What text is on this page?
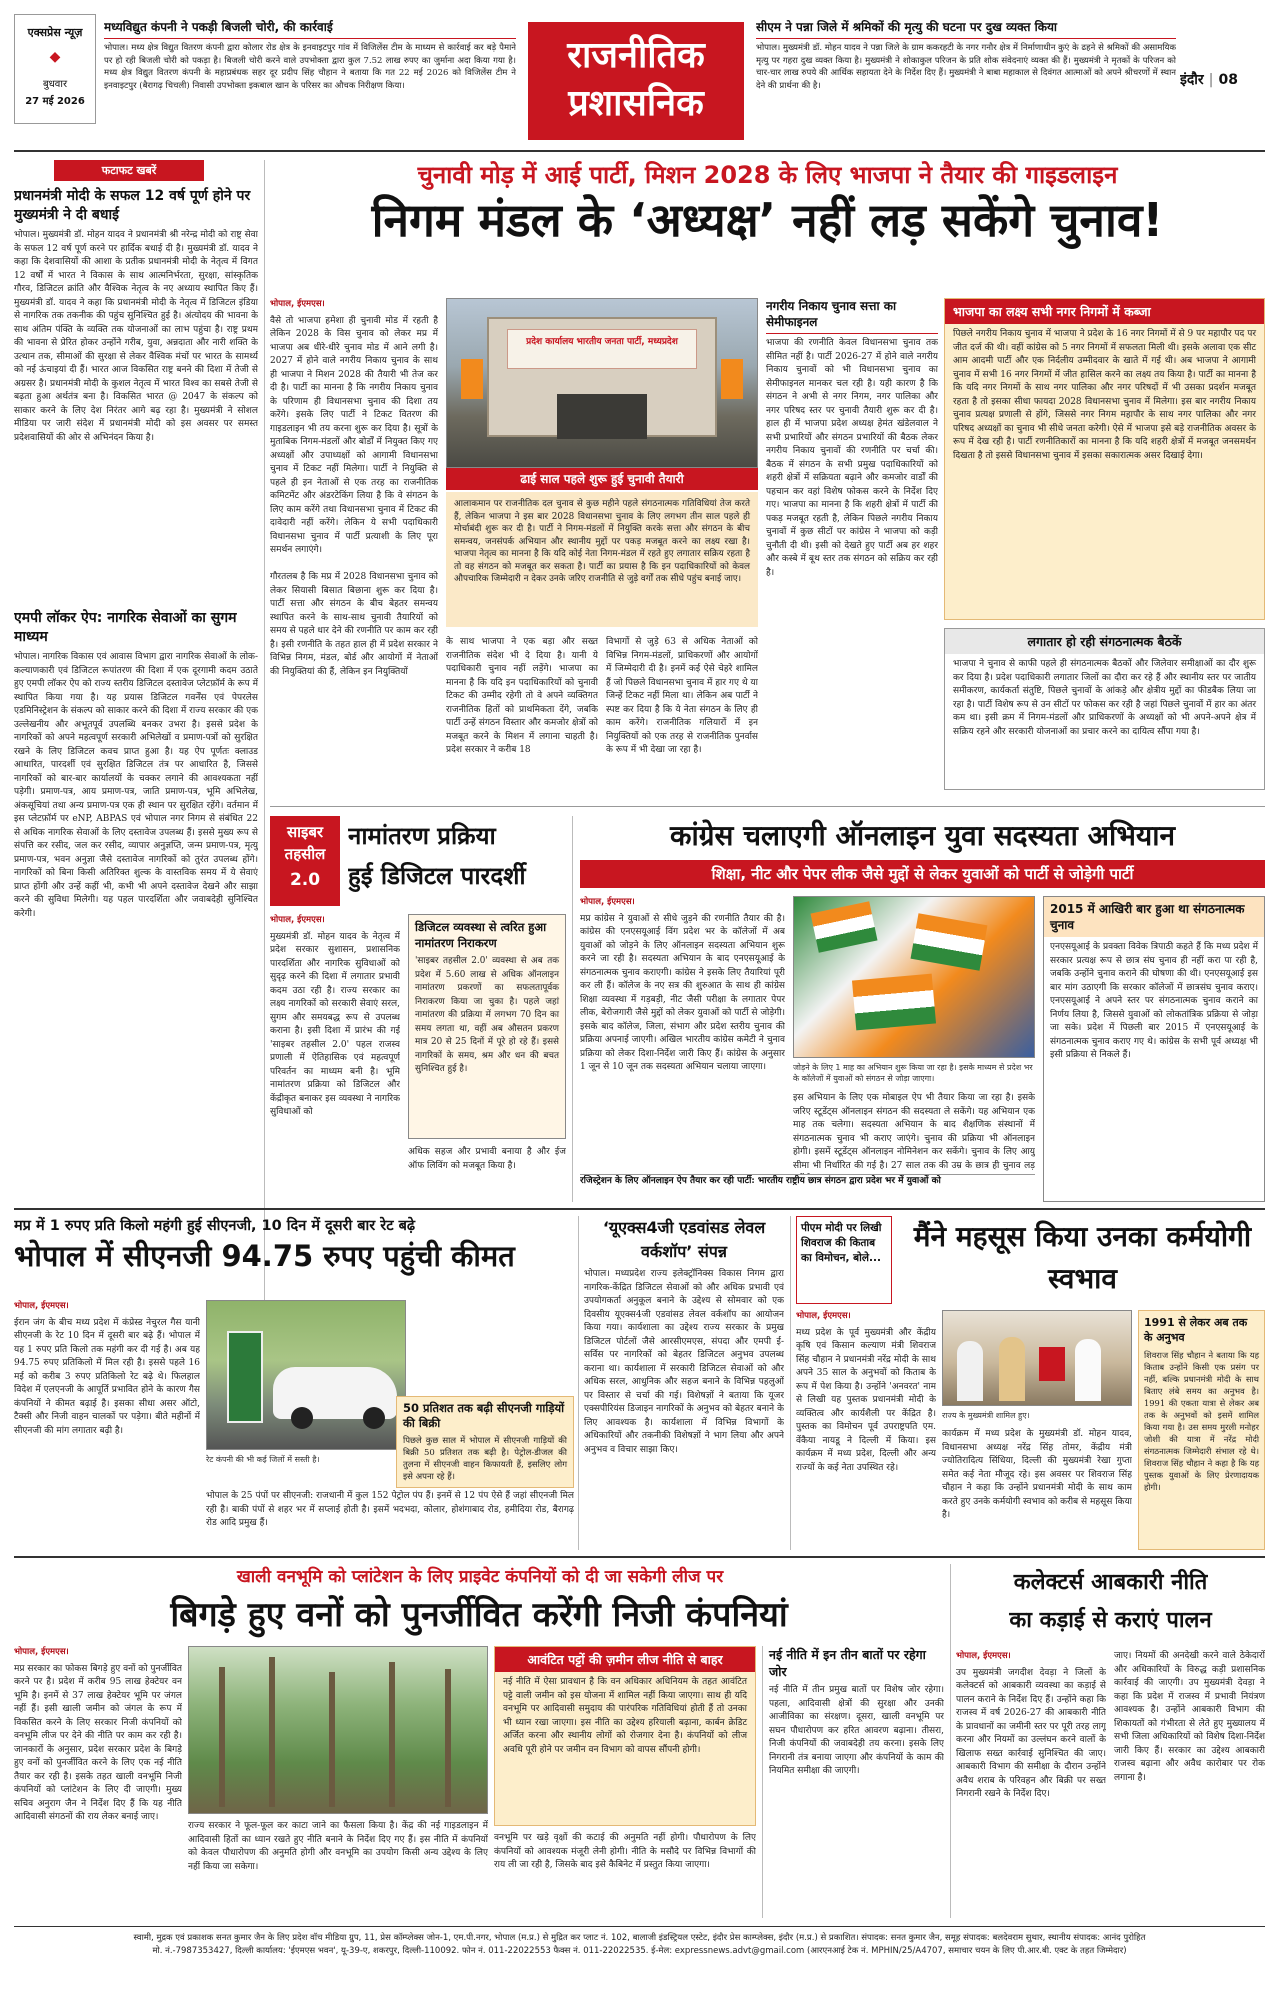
एक्सप्रेस न्यूज़
◆
बुधवार
27 मई 2026
मध्यविद्युत कंपनी ने पकड़ी बिजली चोरी, की कार्रवाई
भोपाल। मध्य क्षेत्र विद्युत वितरण कंपनी द्वारा कोलार रोड क्षेत्र के इनवाइटपुर गांव में विजिलेंस टीम के माध्यम से कार्रवाई कर बड़े पैमाने पर हो रही बिजली चोरी को पकड़ा है। बिजली चोरी करने वाले उपभोक्ता द्वारा कुल 7.52 लाख रुपए का जुर्माना अदा किया गया है। मध्य क्षेत्र विद्युत वितरण कंपनी के महाप्रबंधक सहर दूर प्रदीप सिंह चौहान ने बताया कि गत 22 मई 2026 को विजिलेंस टीम ने इनवाइटपुर (बैरागढ़ चिचली) निवासी उपभोक्ता इकबाल खान के परिसर का औचक निरीक्षण किया।
राजनीतिक
प्रशासनिक
सीएम ने पन्ना जिले में श्रमिकों की मृत्यु की घटना पर दुख व्यक्त किया
भोपाल। मुख्यमंत्री डॉ. मोहन यादव ने पन्ना जिले के ग्राम ककरहटी के नगर गनौर क्षेत्र में निर्माणाधीन कुएं के ढहने से श्रमिकों की असामयिक मृत्यु पर गहरा दुख व्यक्त किया है। मुख्यमंत्री ने शोकाकुल परिजन के प्रति शोक संवेदनाएं व्यक्त की हैं। मुख्यमंत्री ने मृतकों के परिजन को चार-चार लाख रुपये की आर्थिक सहायता देने के निर्देश दिए हैं। मुख्यमंत्री ने बाबा महाकाल से दिवंगत आत्माओं को अपने श्रीचरणों में स्थान देने की प्रार्थना की है।	इंदौर | 08
फटाफट खबरें
प्रधानमंत्री मोदी के सफल 12 वर्ष पूर्ण होने पर मुख्यमंत्री ने दी बधाई
भोपाल। मुख्यमंत्री डॉ. मोहन यादव ने प्रधानमंत्री श्री नरेन्द्र मोदी को राष्ट्र सेवा के सफल 12 वर्ष पूर्ण करने पर हार्दिक बधाई दी है। मुख्यमंत्री डॉ. यादव ने कहा कि देशवासियों की आशा के प्रतीक प्रधानमंत्री मोदी के नेतृत्व में विगत 12 वर्षों में भारत ने विकास के साथ आत्मनिर्भरता, सुरक्षा, सांस्कृतिक गौरव, डिजिटल क्रांति और वैश्विक नेतृत्व के नए अध्याय स्थापित किए हैं। मुख्यमंत्री डॉ. यादव ने कहा कि प्रधानमंत्री मोदी के नेतृत्व में डिजिटल इंडिया से नागरिक तक तकनीक की पहुंच सुनिश्चित हुई है। अंत्योदय की भावना के साथ अंतिम पंक्ति के व्यक्ति तक योजनाओं का लाभ पहुंचा है। राष्ट्र प्रथम की भावना से प्रेरित होकर उन्होंने गरीब, युवा, अन्नदाता और नारी शक्ति के उत्थान तक, सीमाओं की सुरक्षा से लेकर वैश्विक मंचों पर भारत के सामर्थ्य को नई ऊंचाइयां दी हैं। भारत आज विकसित राष्ट्र बनने की दिशा में तेजी से अग्रसर है। प्रधानमंत्री मोदी के कुशल नेतृत्व में भारत विश्व का सबसे तेजी से बढ़ता हुआ अर्थतंत्र बना है। विकसित भारत @ 2047 के संकल्प को साकार करने के लिए देश निरंतर आगे बढ़ रहा है। मुख्यमंत्री ने सोशल मीडिया पर जारी संदेश में प्रधानमंत्री मोदी को इस अवसर पर समस्त प्रदेशवासियों की ओर से अभिनंदन किया है।
एमपी लॉकर ऐप: नागरिक सेवाओं का सुगम माध्यम
भोपाल। नागरिक विकास एवं आवास विभाग द्वारा नागरिक सेवाओं के लोक-कल्याणकारी एवं डिजिटल रूपांतरण की दिशा में एक दूरगामी कदम उठाते हुए एमपी लॉकर ऐप को राज्य स्तरीय डिजिटल दस्तावेज प्लेटफ़ॉर्म के रूप में स्थापित किया गया है। यह प्रयास डिजिटल गवर्नेंस एवं पेपरलेस एडमिनिस्ट्रेशन के संकल्प को साकार करने की दिशा में राज्य सरकार की एक उल्लेखनीय और अभूतपूर्व उपलब्धि बनकर उभरा है। इससे प्रदेश के नागरिकों को अपने महत्वपूर्ण सरकारी अभिलेखों व प्रमाण-पत्रों को सुरक्षित रखने के लिए डिजिटल कवच प्राप्त हुआ है। यह ऐप पूर्णतः क्लाउड आधारित, पारदर्शी एवं सुरक्षित डिजिटल तंत्र पर आधारित है, जिससे नागरिकों को बार-बार कार्यालयों के चक्कर लगाने की आवश्यकता नहीं पड़ेगी। प्रमाण-पत्र, आय प्रमाण-पत्र, जाति प्रमाण-पत्र, भूमि अभिलेख, अंकसूचियां तथा अन्य प्रमाण-पत्र एक ही स्थान पर सुरक्षित रहेंगे। वर्तमान में इस प्लेटफ़ॉर्म पर eNP, ABPAS एवं भोपाल नगर निगम से संबंधित 22 से अधिक नागरिक सेवाओं के लिए दस्तावेज उपलब्ध हैं। इससे मुख्य रूप से संपत्ति कर रसीद, जल कर रसीद, व्यापार अनुज्ञप्ति, जन्म प्रमाण-पत्र, मृत्यु प्रमाण-पत्र, भवन अनुज्ञा जैसे दस्तावेज नागरिकों को तुरंत उपलब्ध होंगे। नागरिकों को बिना किसी अतिरिक्त शुल्क के वास्तविक समय में ये सेवाएं प्राप्त होंगी और उन्हें कहीं भी, कभी भी अपने दस्तावेज देखने और साझा करने की सुविधा मिलेगी। यह पहल पारदर्शिता और जवाबदेही सुनिश्चित करेगी।
चुनावी मोड़ में आई पार्टी, मिशन 2028 के लिए भाजपा ने तैयार की गाइडलाइन
निगम मंडल के ‘अध्यक्ष’ नहीं लड़ सकेंगे चुनाव!
भोपाल, ईएमएस।
वैसे तो भाजपा हमेशा ही चुनावी मोड में रहती है लेकिन 2028 के विस चुनाव को लेकर मप्र में भाजपा अब धीरे-धीरे चुनाव मोड में आने लगी है। 2027 में होने वाले नगरीय निकाय चुनाव के साथ ही भाजपा ने मिशन 2028 की तैयारी भी तेज कर दी है। पार्टी का मानना है कि नगरीय निकाय चुनाव के परिणाम ही विधानसभा चुनाव की दिशा तय करेंगे। इसके लिए पार्टी ने टिकट वितरण की गाइडलाइन भी तय करना शुरू कर दिया है। सूत्रों के मुताबिक निगम-मंडलों और बोर्डों में नियुक्त किए गए अध्यक्षों और उपाध्यक्षों को आगामी विधानसभा चुनाव में टिकट नहीं मिलेगा। पार्टी ने नियुक्ति से पहले ही इन नेताओं से एक तरह का राजनीतिक कमिटमेंट और अंडरटेकिंग लिया है कि वे संगठन के लिए काम करेंगे तथा विधानसभा चुनाव में टिकट की दावेदारी नहीं करेंगे। लेकिन ये सभी पदाधिकारी विधानसभा चुनाव में पार्टी प्रत्याशी के लिए पूरा समर्थन लगाएंगे।

गौरतलब है कि मप्र में 2028 विधानसभा चुनाव को लेकर सियासी बिसात बिछाना शुरू कर दिया है। पार्टी सत्ता और संगठन के बीच बेहतर समन्वय स्थापित करने के साथ-साथ चुनावी तैयारियों को समय से पहले धार देने की रणनीति पर काम कर रही है। इसी रणनीति के तहत हाल ही में प्रदेश सरकार ने विभिन्न निगम, मंडल, बोर्ड और आयोगों में नेताओं की नियुक्तियां की हैं, लेकिन इन नियुक्तियों
प्रदेश कार्यालय भारतीय जनता पार्टी, मध्यप्रदेश
ढाई साल पहले शुरू हुई चुनावी तैयारी
आलाकमान पर राजनीतिक दल चुनाव से कुछ महीने पहले संगठनात्मक गतिविधियां तेज करते हैं, लेकिन भाजपा ने इस बार 2028 विधानसभा चुनाव के लिए लगभग तीन साल पहले ही मोर्चाबंदी शुरू कर दी है। पार्टी ने निगम-मंडलों में नियुक्ति करके सत्ता और संगठन के बीच समन्वय, जनसंपर्क अभियान और स्थानीय मुद्दों पर पकड़ मजबूत करने का लक्ष्य रखा है। भाजपा नेतृत्व का मानना है कि यदि कोई नेता निगम-मंडल में रहते हुए लगातार सक्रिय रहता है तो वह संगठन को मजबूत कर सकता है। पार्टी का प्रयास है कि इन पदाधिकारियों को केवल औपचारिक जिम्मेदारी न देकर उनके जरिए राजनीति से जुड़े वर्गों तक सीधे पहुंच बनाई जाए।
के साथ भाजपा ने एक बड़ा और सख्त राजनीतिक संदेश भी दे दिया है। यानी ये पदाधिकारी चुनाव नहीं लड़ेंगे। भाजपा का मानना है कि यदि इन पदाधिकारियों को चुनावी टिकट की उम्मीद रहेगी तो वे अपने व्यक्तिगत राजनीतिक हितों को प्राथमिकता देंगे, जबकि पार्टी उन्हें संगठन विस्तार और कमजोर क्षेत्रों को मजबूत करने के मिशन में लगाना चाहती है। प्रदेश सरकार ने करीब 18
विभागों से जुड़े 63 से अधिक नेताओं को विभिन्न निगम-मंडलों, प्राधिकरणों और आयोगों में जिम्मेदारी दी है। इनमें कई ऐसे चेहरे शामिल हैं जो पिछले विधानसभा चुनाव में हार गए थे या जिन्हें टिकट नहीं मिला था। लेकिन अब पार्टी ने स्पष्ट कर दिया है कि ये नेता संगठन के लिए ही काम करेंगे। राजनीतिक गलियारों में इन नियुक्तियों को एक तरह से राजनीतिक पुनर्वास के रूप में भी देखा जा रहा है।
नगरीय निकाय चुनाव सत्ता का सेमीफाइनल
भाजपा की रणनीति केवल विधानसभा चुनाव तक सीमित नहीं है। पार्टी 2026-27 में होने वाले नगरीय निकाय चुनावों को भी विधानसभा चुनाव का सेमीफाइनल मानकर चल रही है। यही कारण है कि संगठन ने अभी से नगर निगम, नगर पालिका और नगर परिषद स्तर पर चुनावी तैयारी शुरू कर दी है। हाल ही में भाजपा प्रदेश अध्यक्ष हेमंत खंडेलवाल ने सभी प्रभारियों और संगठन प्रभारियों की बैठक लेकर नगरीय निकाय चुनावों की रणनीति पर चर्चा की। बैठक में संगठन के सभी प्रमुख पदाधिकारियों को शहरी क्षेत्रों में सक्रियता बढ़ाने और कमजोर वार्डों की पहचान कर वहां विशेष फोकस करने के निर्देश दिए गए। भाजपा का मानना है कि शहरी क्षेत्रों में पार्टी की पकड़ मजबूत रहती है, लेकिन पिछले नगरीय निकाय चुनावों में कुछ सीटों पर कांग्रेस ने भाजपा को कड़ी चुनौती दी थी। इसी को देखते हुए पार्टी अब हर शहर और कस्बे में बूथ स्तर तक संगठन को सक्रिय कर रही है।
भाजपा का लक्ष्य सभी नगर निगमों में कब्जा
पिछले नगरीय निकाय चुनाव में भाजपा ने प्रदेश के 16 नगर निगमों में से 9 पर महापौर पद पर जीत दर्ज की थी। वहीं कांग्रेस को 5 नगर निगमों में सफलता मिली थी। इसके अलावा एक सीट आम आदमी पार्टी और एक निर्दलीय उम्मीदवार के खाते में गई थी। अब भाजपा ने आगामी चुनाव में सभी 16 नगर निगमों में जीत हासिल करने का लक्ष्य तय किया है। पार्टी का मानना है कि यदि नगर निगमों के साथ नगर पालिका और नगर परिषदों में भी उसका प्रदर्शन मजबूत रहता है तो इसका सीधा फायदा 2028 विधानसभा चुनाव में मिलेगा। इस बार नगरीय निकाय चुनाव प्रत्यक्ष प्रणाली से होंगे, जिससे नगर निगम महापौर के साथ नगर पालिका और नगर परिषद अध्यक्षों का चुनाव भी सीधे जनता करेगी। ऐसे में भाजपा इसे बड़े राजनीतिक अवसर के रूप में देख रही है। पार्टी रणनीतिकारों का मानना है कि यदि शहरी क्षेत्रों में मजबूत जनसमर्थन दिखता है तो इससे विधानसभा चुनाव में इसका सकारात्मक असर दिखाई देगा।
लगातार हो रही संगठनात्मक बैठकें
भाजपा ने चुनाव से काफी पहले ही संगठनात्मक बैठकों और जिलेवार समीक्षाओं का दौर शुरू कर दिया है। प्रदेश पदाधिकारी लगातार जिलों का दौरा कर रहे हैं और स्थानीय स्तर पर जातीय समीकरण, कार्यकर्ता संतुष्टि, पिछले चुनावों के आंकड़े और क्षेत्रीय मुद्दों का फीडबैक लिया जा रहा है। पार्टी विशेष रूप से उन सीटों पर फोकस कर रही है जहां पिछले चुनावों में हार का अंतर कम था। इसी क्रम में निगम-मंडलों और प्राधिकरणों के अध्यक्षों को भी अपने-अपने क्षेत्र में सक्रिय रहने और सरकारी योजनाओं का प्रचार करने का दायित्व सौंपा गया है।
साइबर
तहसील
2.0
नामांतरण प्रक्रिया
हुई डिजिटल पारदर्शी
भोपाल, ईएमएस।
मुख्यमंत्री डॉ. मोहन यादव के नेतृत्व में प्रदेश सरकार सुशासन, प्रशासनिक पारदर्शिता और नागरिक सुविधाओं को सुदृढ़ करने की दिशा में लगातार प्रभावी कदम उठा रही है। राज्य सरकार का लक्ष्य नागरिकों को सरकारी सेवाएं सरल, सुगम और समयबद्ध रूप से उपलब्ध कराना है। इसी दिशा में प्रारंभ की गई 'साइबर तहसील 2.0' पहल राजस्व प्रणाली में ऐतिहासिक एवं महत्वपूर्ण परिवर्तन का माध्यम बनी है। भूमि नामांतरण प्रक्रिया को डिजिटल और केंद्रीकृत बनाकर इस व्यवस्था ने नागरिक सुविधाओं को
डिजिटल व्यवस्था से त्वरित हुआ नामांतरण निराकरण
'साइबर तहसील 2.0' व्यवस्था से अब तक प्रदेश में 5.60 लाख से अधिक ऑनलाइन नामांतरण प्रकरणों का सफलतापूर्वक निराकरण किया जा चुका है। पहले जहां नामांतरण की प्रक्रिया में लगभग 70 दिन का समय लगता था, वहीं अब औसतन प्रकरण मात्र 20 से 25 दिनों में पूरे हो रहे हैं। इससे नागरिकों के समय, श्रम और धन की बचत सुनिश्चित हुई है।
अधिक सहज और प्रभावी बनाया है और ईज ऑफ लिविंग को मजबूत किया है।
कांग्रेस चलाएगी ऑनलाइन युवा सदस्यता अभियान
शिक्षा, नीट और पेपर लीक जैसे मुद्दों से लेकर युवाओं को पार्टी से जोड़ेगी पार्टी
भोपाल, ईएमएस।
मप्र कांग्रेस ने युवाओं से सीधे जुड़ने की रणनीति तैयार की है। कांग्रेस की एनएसयूआई विंग प्रदेश भर के कॉलेजों में अब युवाओं को जोड़ने के लिए ऑनलाइन सदस्यता अभियान शुरू करने जा रही है। सदस्यता अभियान के बाद एनएसयूआई के संगठनात्मक चुनाव कराएगी। कांग्रेस ने इसके लिए तैयारियां पूरी कर ली हैं। कॉलेज के नए सत्र की शुरुआत के साथ ही कांग्रेस शिक्षा व्यवस्था में गड़बड़ी, नीट जैसी परीक्षा के लगातार पेपर लीक, बेरोजगारी जैसे मुद्दों को लेकर युवाओं को पार्टी से जोड़ेगी। इसके बाद कॉलेज, जिला, संभाग और प्रदेश स्तरीय चुनाव की प्रक्रिया अपनाई जाएगी। अखिल भारतीय कांग्रेस कमेटी ने चुनाव प्रक्रिया को लेकर दिशा-निर्देश जारी किए हैं। कांग्रेस के अनुसार 1 जून से 10 जून तक सदस्यता अभियान चलाया जाएगा।	जोड़ने के लिए 1 माह का अभियान शुरू किया जा रहा है। इसके माध्यम से प्रदेश भर के कॉलेजों में युवाओं को संगठन से जोड़ा जाएगा।
इस अभियान के लिए एक मोबाइल ऐप भी तैयार किया जा रहा है। इसके जरिए स्टूडेंट्स ऑनलाइन संगठन की सदस्यता ले सकेंगे। यह अभियान एक माह तक चलेगा। सदस्यता अभियान के बाद शैक्षणिक संस्थानों में संगठनात्मक चुनाव भी कराए जाएंगे। चुनाव की प्रक्रिया भी ऑनलाइन होगी। इसमें स्टूडेंट्स ऑनलाइन नोमिनेशन कर सकेंगे। चुनाव के लिए आयु सीमा भी निर्धारित की गई है। 27 साल तक की उम्र के छात्र ही चुनाव लड़
रजिस्ट्रेशन के लिए ऑनलाइन ऐप तैयार कर रही पार्टी: भारतीय राष्ट्रीय छात्र संगठन द्वारा प्रदेश भर में युवाओं को
2015 में आखिरी बार हुआ था संगठनात्मक चुनाव
एनएसयूआई के प्रवक्ता विवेक त्रिपाठी कहते हैं कि मध्य प्रदेश में सरकार प्रत्यक्ष रूप से छात्र संघ चुनाव ही नहीं करा पा रही है, जबकि उन्होंने चुनाव कराने की घोषणा की थी। एनएसयूआई इस बार मांग उठाएगी कि सरकार कॉलेजों में छात्रसंघ चुनाव कराए। एनएसयूआई ने अपने स्तर पर संगठनात्मक चुनाव कराने का निर्णय लिया है, जिससे युवाओं को लोकतांत्रिक प्रक्रिया से जोड़ा जा सके। प्रदेश में पिछली बार 2015 में एनएसयूआई के संगठनात्मक चुनाव कराए गए थे। कांग्रेस के सभी पूर्व अध्यक्ष भी इसी प्रक्रिया से निकले हैं।
मप्र में 1 रुपए प्रति किलो महंगी हुई सीएनजी, 10 दिन में दूसरी बार रेट बढ़े
भोपाल में सीएनजी 94.75 रुपए पहुंची कीमत
भोपाल, ईएमएस।
ईरान जंग के बीच मध्य प्रदेश में कंप्रेस्ड नेचुरल गैस यानी सीएनजी के रेट 10 दिन में दूसरी बार बढ़े हैं। भोपाल में यह 1 रुपए प्रति किलो तक महंगी कर दी गई है। अब यह 94.75 रुपए प्रतिकिलो में मिल रही है। इससे पहले 16 मई को करीब 3 रुपए प्रतिकिलो रेट बढ़े थे। फिलहाल विदेश में एलएनजी के आपूर्ति प्रभावित होने के कारण गैस कंपनियों ने कीमत बढ़ाई है। इसका सीधा असर ऑटो, टैक्सी और निजी वाहन चालकों पर पड़ेगा। बीते महीनों में सीएनजी की मांग लगातार बढ़ी है।
50 प्रतिशत तक बढ़ी सीएनजी गाड़ियों की बिक्री
पिछले कुछ साल में भोपाल में सीएनजी गाड़ियों की बिक्री 50 प्रतिशत तक बढ़ी है। पेट्रोल-डीजल की तुलना में सीएनजी वाहन किफायती हैं, इसलिए लोग इसे अपना रहे हैं।
रेट कंपनी की भी कई जिलों में सस्ती है।
भोपाल के 25 पंपों पर सीएनजी: राजधानी में कुल 152 पेट्रोल पंप हैं। इनमें से 12 पंप ऐसे हैं जहां सीएनजी मिल रही है। बाकी पंपों से शहर भर में सप्लाई होती है। इसमें भदभदा, कोलार, होशंगाबाद रोड, हमीदिया रोड, बैरागढ़ रोड आदि प्रमुख हैं।
‘यूएक्स4जी एडवांसड लेवल वर्कशॉप’ संपन्न
भोपाल। मध्यप्रदेश राज्य इलेक्ट्रॉनिक्स विकास निगम द्वारा नागरिक-केंद्रित डिजिटल सेवाओं को और अधिक प्रभावी एवं उपयोगकर्ता अनुकूल बनाने के उद्देश्य से सोमवार को एक दिवसीय यूएक्स4जी एडवांसड लेवल वर्कशॉप का आयोजन किया गया। कार्यशाला का उद्देश्य राज्य सरकार के प्रमुख डिजिटल पोर्टलों जैसे आरसीएमएस, संपदा और एमपी ई-सर्विस पर नागरिकों को बेहतर डिजिटल अनुभव उपलब्ध कराना था। कार्यशाला में सरकारी डिजिटल सेवाओं को और अधिक सरल, आधुनिक और सहज बनाने के विभिन्न पहलुओं पर विस्तार से चर्चा की गई। विशेषज्ञों ने बताया कि यूजर एक्सपीरियंस डिजाइन नागरिकों के अनुभव को बेहतर बनाने के लिए आवश्यक है। कार्यशाला में विभिन्न विभागों के अधिकारियों और तकनीकी विशेषज्ञों ने भाग लिया और अपने अनुभव व विचार साझा किए।
पीएम मोदी पर लिखी शिवराज की किताब का विमोचन, बोले...
मैंने महसूस किया उनका कर्मयोगी स्वभाव
भोपाल, ईएमएस।
मध्य प्रदेश के पूर्व मुख्यमंत्री और केंद्रीय कृषि एवं किसान कल्याण मंत्री शिवराज सिंह चौहान ने प्रधानमंत्री नरेंद्र मोदी के साथ अपने 35 साल के अनुभवों को किताब के रूप में पेश किया है। उन्होंने 'अनवरत' नाम से लिखी यह पुस्तक प्रधानमंत्री मोदी के व्यक्तित्व और कार्यशैली पर केंद्रित है। पुस्तक का विमोचन पूर्व उपराष्ट्रपति एम. वेंकैया नायडू ने दिल्ली में किया। इस कार्यक्रम में मध्य प्रदेश, दिल्ली और अन्य राज्यों के कई नेता उपस्थित रहे।
राज्य के मुख्यमंत्री शामिल हुए।
कार्यक्रम में मध्य प्रदेश के मुख्यमंत्री डॉ. मोहन यादव, विधानसभा अध्यक्ष नरेंद्र सिंह तोमर, केंद्रीय मंत्री ज्योतिरादित्य सिंधिया, दिल्ली की मुख्यमंत्री रेखा गुप्ता समेत कई नेता मौजूद रहे। इस अवसर पर शिवराज सिंह चौहान ने कहा कि उन्होंने प्रधानमंत्री मोदी के साथ काम करते हुए उनके कर्मयोगी स्वभाव को करीब से महसूस किया है।
1991 से लेकर अब तक के अनुभव
शिवराज सिंह चौहान ने बताया कि यह किताब उन्होंने किसी एक प्रसंग पर नहीं, बल्कि प्रधानमंत्री मोदी के साथ बिताए लंबे समय का अनुभव है। 1991 की एकता यात्रा से लेकर अब तक के अनुभवों को इसमें शामिल किया गया है। उस समय मुरली मनोहर जोशी की यात्रा में नरेंद्र मोदी संगठनात्मक जिम्मेदारी संभाल रहे थे। शिवराज सिंह चौहान ने कहा है कि यह पुस्तक युवाओं के लिए प्रेरणादायक होगी।
खाली वनभूमि को प्लांटेशन के लिए प्राइवेट कंपनियों को दी जा सकेगी लीज पर
बिगड़े हुए वनों को पुनर्जीवित करेंगी निजी कंपनियां
भोपाल, ईएमएस।
मप्र सरकार का फोकस बिगड़े हुए वनों को पुनर्जीवित करने पर है। प्रदेश में करीब 95 लाख हेक्टेयर वन भूमि है। इनमें से 37 लाख हेक्टेयर भूमि पर जंगल नहीं हैं। इसी खाली जमीन को जंगल के रूप में विकसित करने के लिए सरकार निजी कंपनियों को वनभूमि लीज पर देने की नीति पर काम कर रही है। जानकारों के अनुसार, प्रदेश सरकार प्रदेश के बिगड़े हुए वनों को पुनर्जीवित करने के लिए एक नई नीति तैयार कर रही है। इसके तहत खाली वनभूमि निजी कंपनियों को प्लांटेशन के लिए दी जाएगी। मुख्य सचिव अनुराग जैन ने निर्देश दिए हैं कि यह नीति आदिवासी संगठनों की राय लेकर बनाई जाए।
आवंटित पट्टों की ज़मीन लीज नीति से बाहर
नई नीति में ऐसा प्रावधान है कि वन अधिकार अधिनियम के तहत आवंटित पट्टे वाली जमीन को इस योजना में शामिल नहीं किया जाएगा। साथ ही यदि वनभूमि पर आदिवासी समुदाय की पारंपरिक गतिविधियां होती हैं तो उनका भी ध्यान रखा जाएगा। इस नीति का उद्देश्य हरियाली बढ़ाना, कार्बन क्रेडिट अर्जित करना और स्थानीय लोगों को रोजगार देना है। कंपनियों को लीज अवधि पूरी होने पर जमीन वन विभाग को वापस सौंपनी होगी।
राज्य सरकार ने फूल-फूल कर काटा जाने का फैसला किया है। केंद्र की नई गाइडलाइन में आदिवासी हितों का ध्यान रखते हुए नीति बनाने के निर्देश दिए गए हैं। इस नीति में कंपनियों को केवल पौधारोपण की अनुमति होगी और वनभूमि का उपयोग किसी अन्य उद्देश्य के लिए नहीं किया जा सकेगा।
वनभूमि पर खड़े वृक्षों की कटाई की अनुमति नहीं होगी। पौधारोपण के लिए कंपनियों को आवश्यक मंजूरी लेनी होगी। नीति के मसौदे पर विभिन्न विभागों की राय ली जा रही है, जिसके बाद इसे कैबिनेट में प्रस्तुत किया जाएगा।
नई नीति में इन तीन बातों पर रहेगा जोर
नई नीति में तीन प्रमुख बातों पर विशेष जोर रहेगा। पहला, आदिवासी क्षेत्रों की सुरक्षा और उनकी आजीविका का संरक्षण। दूसरा, खाली वनभूमि पर सघन पौधारोपण कर हरित आवरण बढ़ाना। तीसरा, निजी कंपनियों की जवाबदेही तय करना। इसके लिए निगरानी तंत्र बनाया जाएगा और कंपनियों के काम की नियमित समीक्षा की जाएगी।
कलेक्टर्स आबकारी नीति
का कड़ाई से कराएं पालन
भोपाल, ईएमएस।
उप मुख्यमंत्री जगदीश देवड़ा ने जिलों के कलेक्टर्स को आबकारी व्यवस्था का कड़ाई से पालन कराने के निर्देश दिए हैं। उन्होंने कहा कि राजस्व में वर्ष 2026-27 की आबकारी नीति के प्रावधानों का जमीनी स्तर पर पूरी तरह लागू करना और नियमों का उल्लंघन करने वालों के खिलाफ सख्त कार्रवाई सुनिश्चित की जाए। आबकारी विभाग की समीक्षा के दौरान उन्होंने अवैध शराब के परिवहन और बिक्री पर सख्त निगरानी रखने के निर्देश दिए।
जाए। नियमों की अनदेखी करने वाले ठेकेदारों और अधिकारियों के विरुद्ध कड़ी प्रशासनिक कार्रवाई की जाएगी। उप मुख्यमंत्री देवड़ा ने कहा कि प्रदेश में राजस्व में प्रभावी नियंत्रण आवश्यक है। उन्होंने आबकारी विभाग की शिकायतों को गंभीरता से लेते हुए मुख्यालय में सभी जिला अधिकारियों को विशेष दिशा-निर्देश जारी किए हैं। सरकार का उद्देश्य आबकारी राजस्व बढ़ाना और अवैध कारोबार पर रोक लगाना है।
स्वामी, मुद्रक एवं प्रकाशक सनत कुमार जैन के लिए प्रदेश वॉच मीडिया ग्रुप, 11, प्रेस कॉम्प्लेक्स जोन-1, एम.पी.नगर, भोपाल (म.प्र.) से मुद्रित कर प्लाट नं. 102, बालाजी इंडस्ट्रियल एस्टेट, इंदौर प्रेस काम्प्लेक्स, इंदौर (म.प्र.) से प्रकाशित। संपादक: सनत कुमार जैन, समूह संपादक: बलदेवराम सुथार, स्थानीय संपादक: आनंद पुरोहित
मो. नं.-7987353427, दिल्ली कार्यालय: 'ईएमएस भवन', यू-39-ए, शकरपुर, दिल्ली-110092. फोन नं. 011-22022553 फैक्स नं. 011-22022535. ई-मेल: expressnews.advt@gmail.com (आरएनआई टेक नं. MPHIN/25/A4707, समाचार चयन के लिए पी.आर.बी. एक्ट के तहत जिम्मेदार)
